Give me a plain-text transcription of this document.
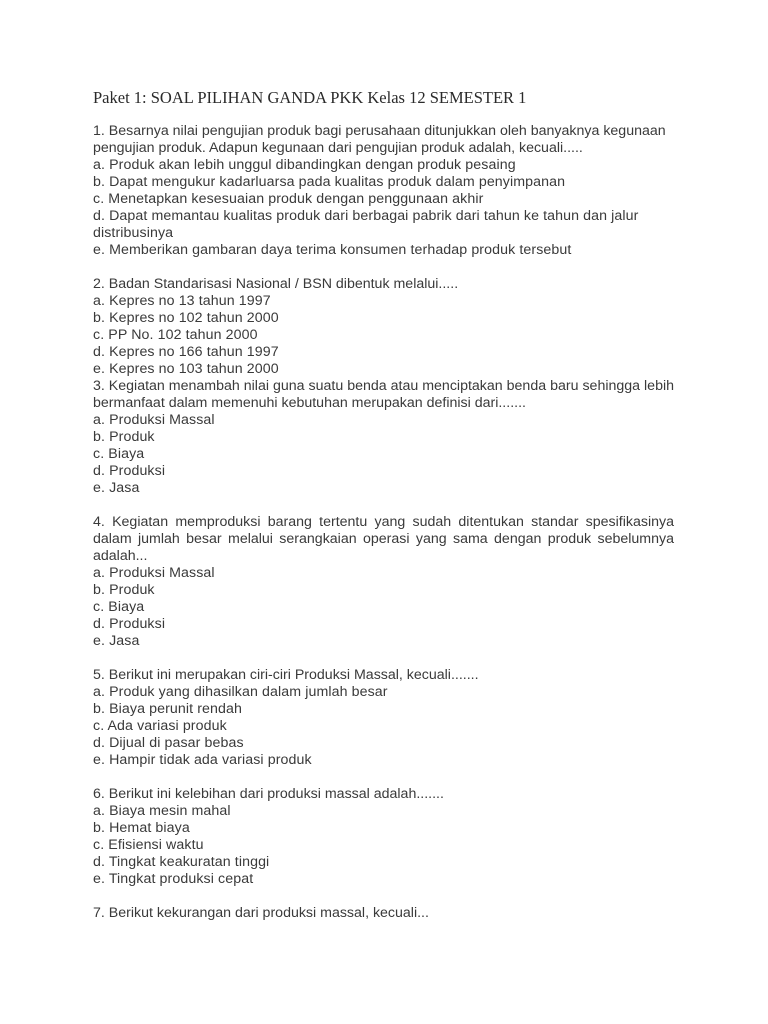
Paket 1: SOAL PILIHAN GANDA PKK Kelas 12 SEMESTER 1

1. Besarnya nilai pengujian produk bagi perusahaan ditunjukkan oleh banyaknya kegunaan pengujian produk. Adapun kegunaan dari pengujian produk adalah, kecuali.....

a. Produk akan lebih unggul dibandingkan dengan produk pesaing

b. Dapat mengukur kadarluarsa pada kualitas produk dalam penyimpanan

c. Menetapkan kesesuaian produk dengan penggunaan akhir

d. Dapat memantau kualitas produk dari berbagai pabrik dari tahun ke tahun dan jalur distribusinya

e. Memberikan gambaran daya terima konsumen terhadap produk tersebut

2. Badan Standarisasi Nasional / BSN dibentuk melalui.....

a. Kepres no 13 tahun 1997

b. Kepres no 102 tahun 2000

c. PP No. 102 tahun 2000

d. Kepres no 166 tahun 1997

e. Kepres no 103 tahun 2000

3. Kegiatan menambah nilai guna suatu benda atau menciptakan benda baru sehingga lebih bermanfaat dalam memenuhi kebutuhan merupakan definisi dari.......

a. Produksi Massal

b. Produk

c. Biaya

d. Produksi

e. Jasa

4. Kegiatan memproduksi barang tertentu yang sudah ditentukan standar spesifikasinya dalam jumlah besar melalui serangkaian operasi yang sama dengan produk sebelumnya adalah...

a. Produksi Massal

b. Produk

c. Biaya

d. Produksi

e. Jasa

5. Berikut ini merupakan ciri-ciri Produksi Massal, kecuali.......

a. Produk yang dihasilkan dalam jumlah besar

b. Biaya perunit rendah

c. Ada variasi produk

d. Dijual di pasar bebas

e. Hampir tidak ada variasi produk

6. Berikut ini kelebihan dari produksi massal adalah.......

a. Biaya mesin mahal

b. Hemat biaya

c. Efisiensi waktu

d. Tingkat keakuratan tinggi

e. Tingkat produksi cepat

7. Berikut kekurangan dari produksi massal, kecuali...
